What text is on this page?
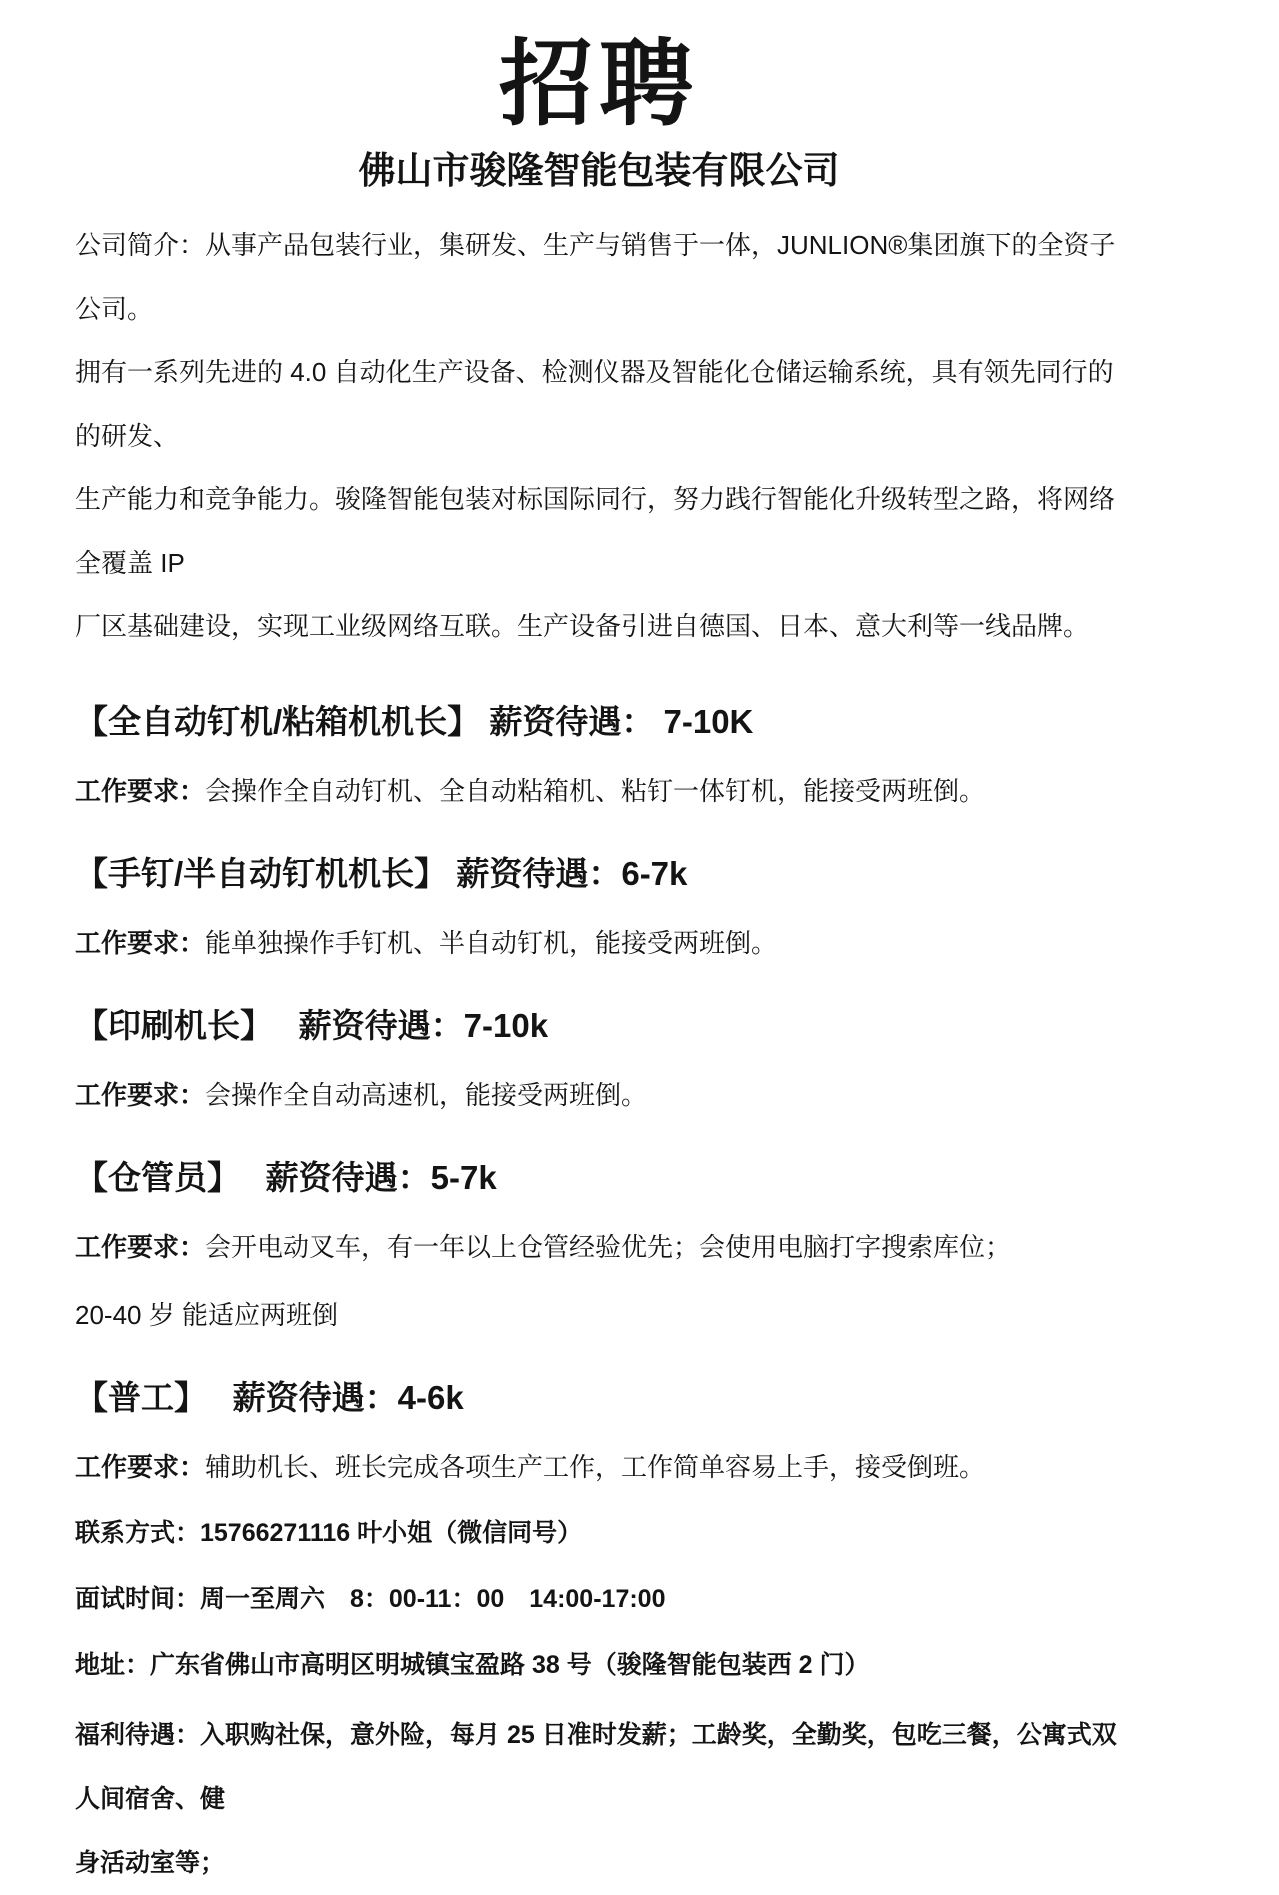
招聘
佛山市骏隆智能包装有限公司
公司简介：从事产品包装行业，集研发、生产与销售于一体，JUNLION®集团旗下的全资子公司。
拥有一系列先进的 4.0 自动化生产设备、检测仪器及智能化仓储运输系统，具有领先同行的的研发、
生产能力和竞争能力。骏隆智能包装对标国际同行，努力践行智能化升级转型之路，将网络全覆盖 IP
厂区基础建设，实现工业级网络互联。生产设备引进自德国、日本、意大利等一线品牌。
【全自动钉机/粘箱机机长】 薪资待遇： 7-10K

工作要求：会操作全自动钉机、全自动粘箱机、粘钉一体钉机，能接受两班倒。

【手钉/半自动钉机机长】 薪资待遇：6-7k

工作要求：能单独操作手钉机、半自动钉机，能接受两班倒。

【印刷机长】　 薪资待遇：7-10k

工作要求：会操作全自动高速机，能接受两班倒。

【仓管员】　 薪资待遇：5-7k

工作要求：会开电动叉车，有一年以上仓管经验优先；会使用电脑打字搜索库位；

20-40 岁 能适应两班倒

【普工】　 薪资待遇：4-6k

工作要求：辅助机长、班长完成各项生产工作，工作简单容易上手，接受倒班。

联系方式：15766271116 叶小姐（微信同号）

面试时间：周一至周六　8：00-11：00　14:00-17:00

地址：广东省佛山市高明区明城镇宝盈路 38 号（骏隆智能包装西 2 门）

福利待遇：入职购社保，意外险，每月 25 日准时发薪；工龄奖，全勤奖，包吃三餐，公寓式双人间宿舍、健
身活动室等；
